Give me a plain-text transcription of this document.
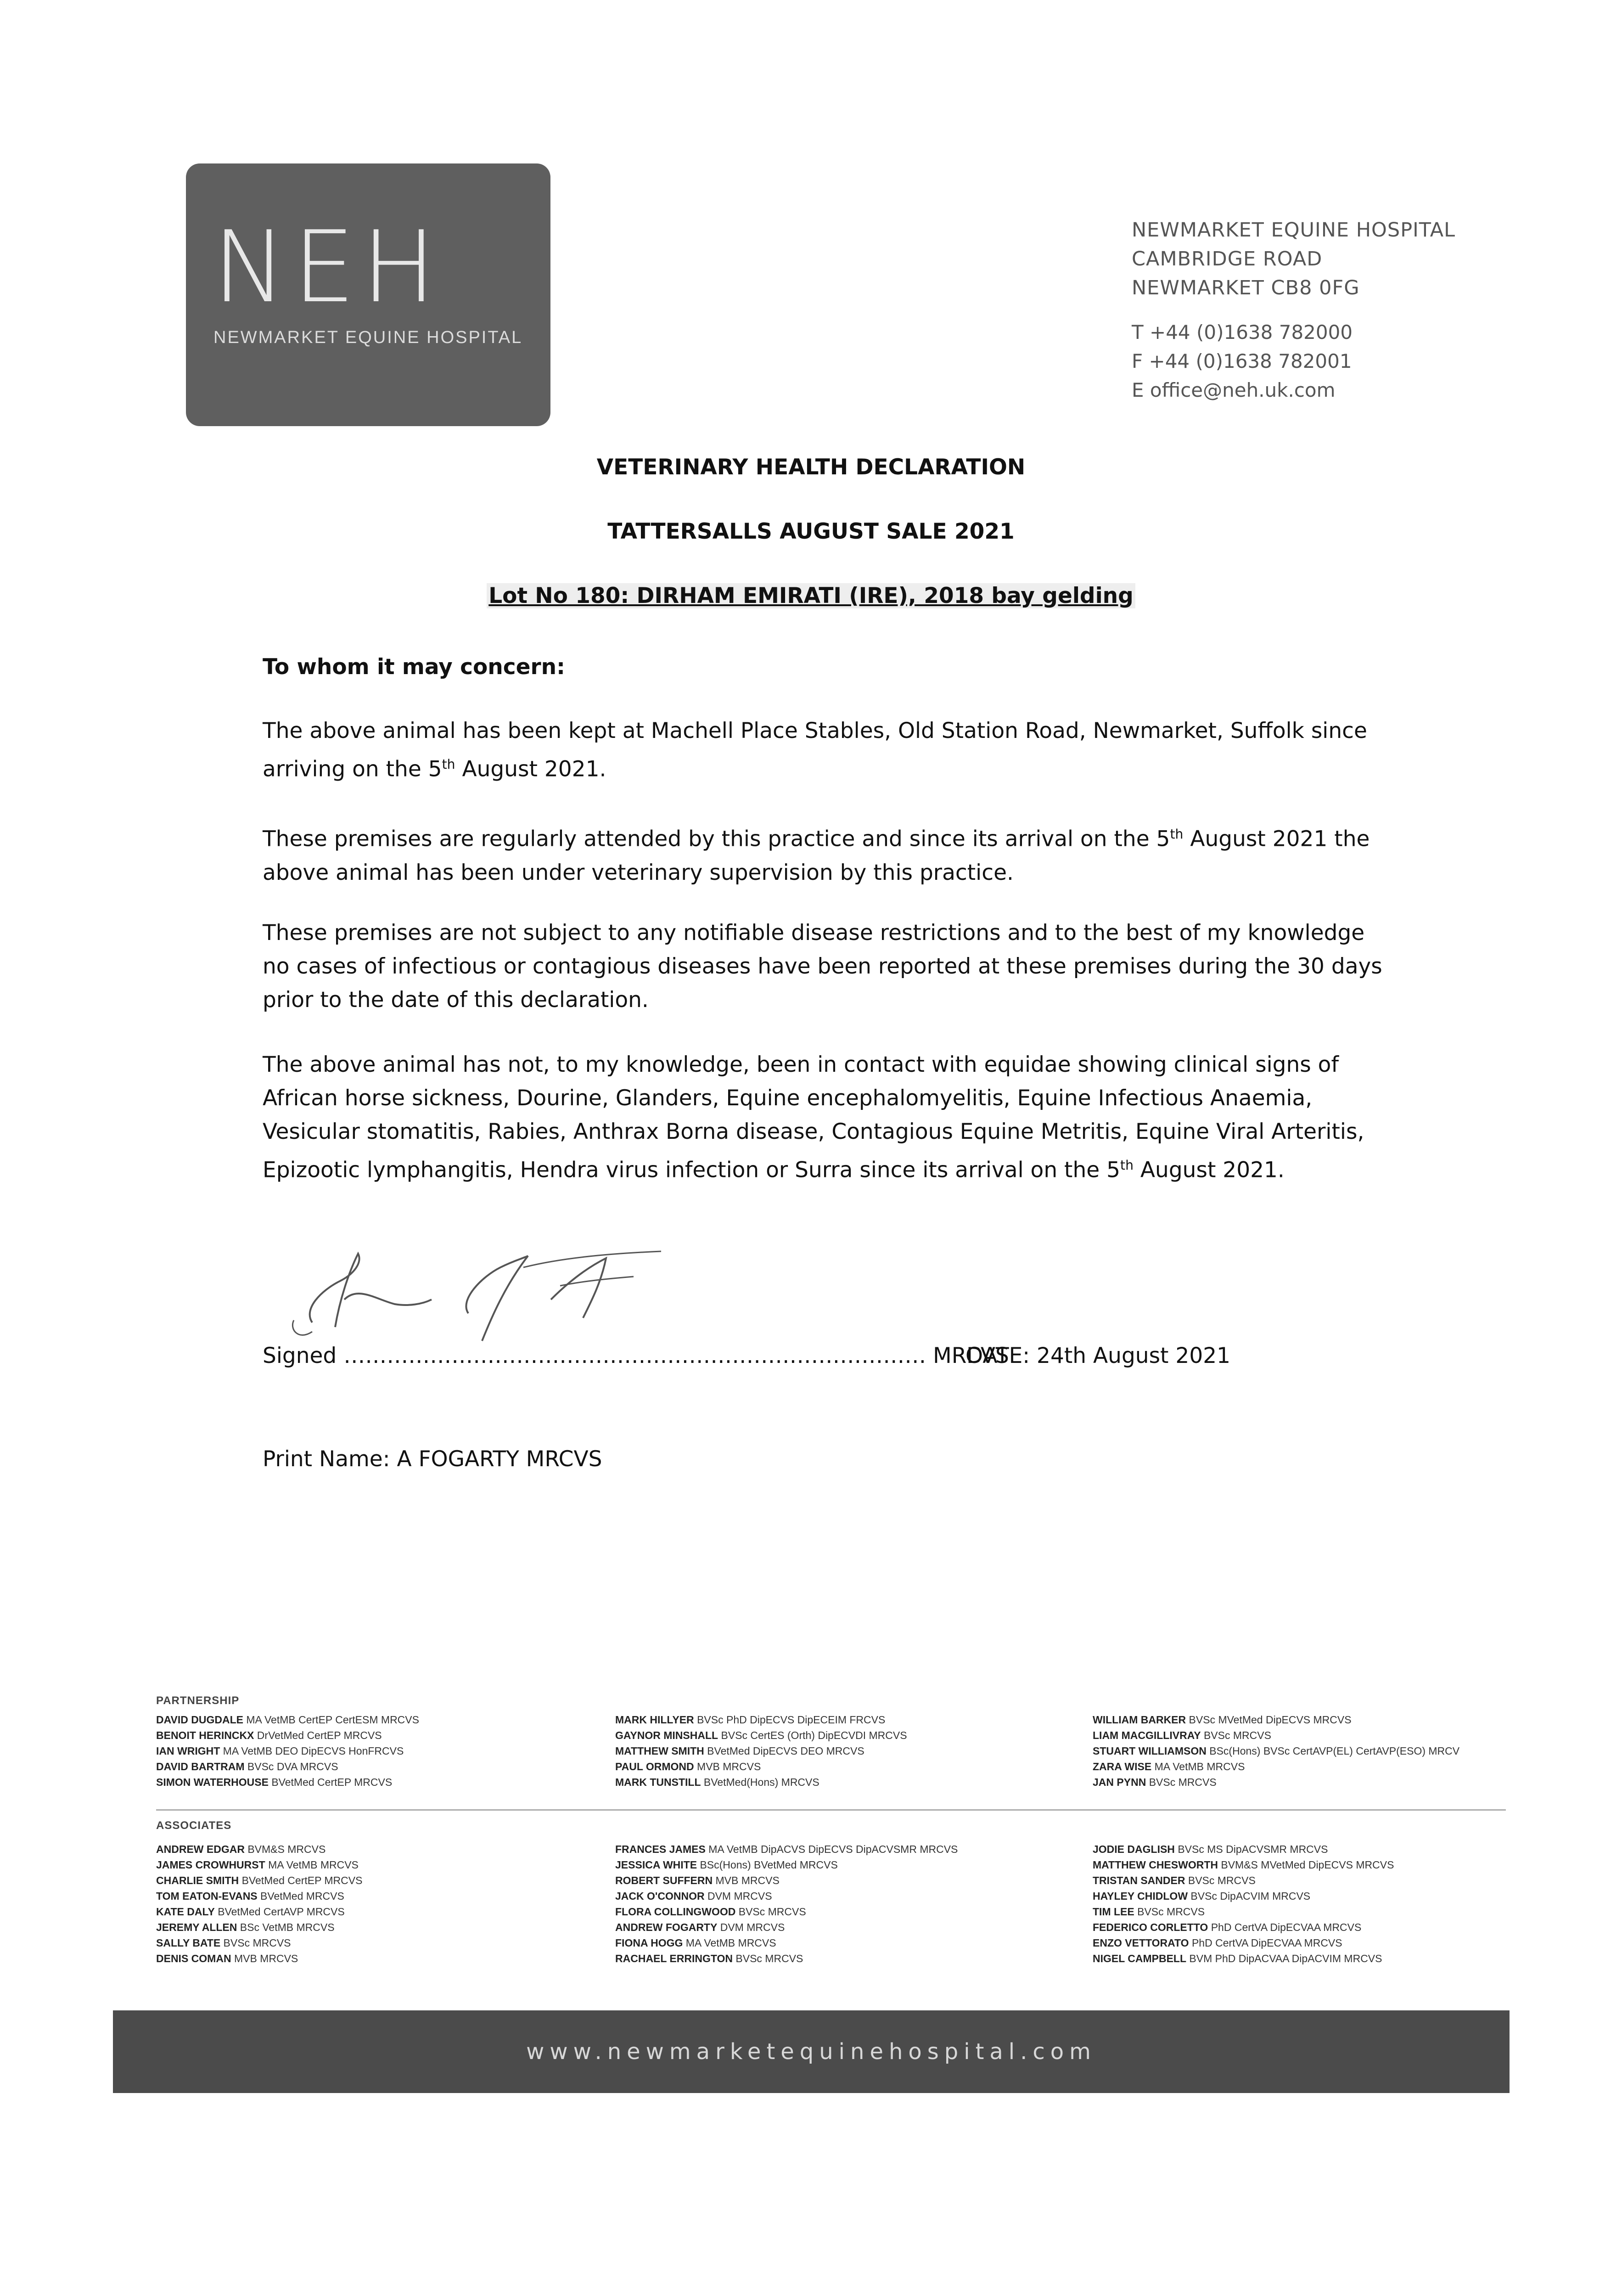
NEH
NEWMARKET EQUINE HOSPITAL
NEWMARKET EQUINE HOSPITAL
CAMBRIDGE ROAD
NEWMARKET CB8 0FG
T +44 (0)1638 782000
F +44 (0)1638 782001
E office@neh.uk.com
VETERINARY HEALTH DECLARATION
TATTERSALLS AUGUST SALE 2021
Lot No 180: DIRHAM EMIRATI (IRE), 2018 bay gelding
To whom it may concern:
The above animal has been kept at Machell Place Stables, Old Station Road, Newmarket, Suffolk since
arriving on the 5th August 2021.
These premises are regularly attended by this practice and since its arrival on the 5th August 2021 the
above animal has been under veterinary supervision by this practice.
These premises are not subject to any notifiable disease restrictions and to the best of my knowledge
no cases of infectious or contagious diseases have been reported at these premises during the 30 days
prior to the date of this declaration.
The above animal has not, to my knowledge, been in contact with equidae showing clinical signs of
African horse sickness, Dourine, Glanders, Equine encephalomyelitis, Equine Infectious Anaemia,
Vesicular stomatitis, Rabies, Anthrax Borna disease, Contagious Equine Metritis, Equine Viral Arteritis,
Epizootic lymphangitis, Hendra virus infection or Surra since its arrival on the 5th August 2021.
Signed ……………………………………………………………………… MRCVS
DATE: 24th August 2021
Print Name: A FOGARTY MRCVS
PARTNERSHIP
DAVID DUGDALE MA VetMB CertEP CertESM MRCVS
BENOIT HERINCKX DrVetMed CertEP MRCVS
IAN WRIGHT MA VetMB DEO DipECVS HonFRCVS
DAVID BARTRAM BVSc DVA MRCVS
SIMON WATERHOUSE BVetMed CertEP MRCVS
MARK HILLYER BVSc PhD DipECVS DipECEIM FRCVS
GAYNOR MINSHALL BVSc CertES (Orth) DipECVDI MRCVS
MATTHEW SMITH BVetMed DipECVS DEO MRCVS
PAUL ORMOND MVB MRCVS
MARK TUNSTILL BVetMed(Hons) MRCVS
WILLIAM BARKER BVSc MVetMed DipECVS MRCVS
LIAM MACGILLIVRAY BVSc MRCVS
STUART WILLIAMSON BSc(Hons) BVSc CertAVP(EL) CertAVP(ESO) MRCV
ZARA WISE MA VetMB MRCVS
JAN PYNN BVSc MRCVS
ASSOCIATES
ANDREW EDGAR BVM&S MRCVS
JAMES CROWHURST MA VetMB MRCVS
CHARLIE SMITH BVetMed CertEP MRCVS
TOM EATON-EVANS BVetMed MRCVS
KATE DALY BVetMed CertAVP MRCVS
JEREMY ALLEN BSc VetMB MRCVS
SALLY BATE BVSc MRCVS
DENIS COMAN MVB MRCVS
FRANCES JAMES MA VetMB DipACVS DipECVS DipACVSMR MRCVS
JESSICA WHITE BSc(Hons) BVetMed MRCVS
ROBERT SUFFERN MVB MRCVS
JACK O'CONNOR DVM MRCVS
FLORA COLLINGWOOD BVSc MRCVS
ANDREW FOGARTY DVM MRCVS
FIONA HOGG MA VetMB MRCVS
RACHAEL ERRINGTON BVSc MRCVS
JODIE DAGLISH BVSc MS DipACVSMR MRCVS
MATTHEW CHESWORTH BVM&S MVetMed DipECVS MRCVS
TRISTAN SANDER BVSc MRCVS
HAYLEY CHIDLOW BVSc DipACVIM MRCVS
TIM LEE BVSc MRCVS
FEDERICO CORLETTO PhD CertVA DipECVAA MRCVS
ENZO VETTORATO PhD CertVA DipECVAA MRCVS
NIGEL CAMPBELL BVM PhD DipACVAA DipACVIM MRCVS
www.newmarketequinehospital.com
